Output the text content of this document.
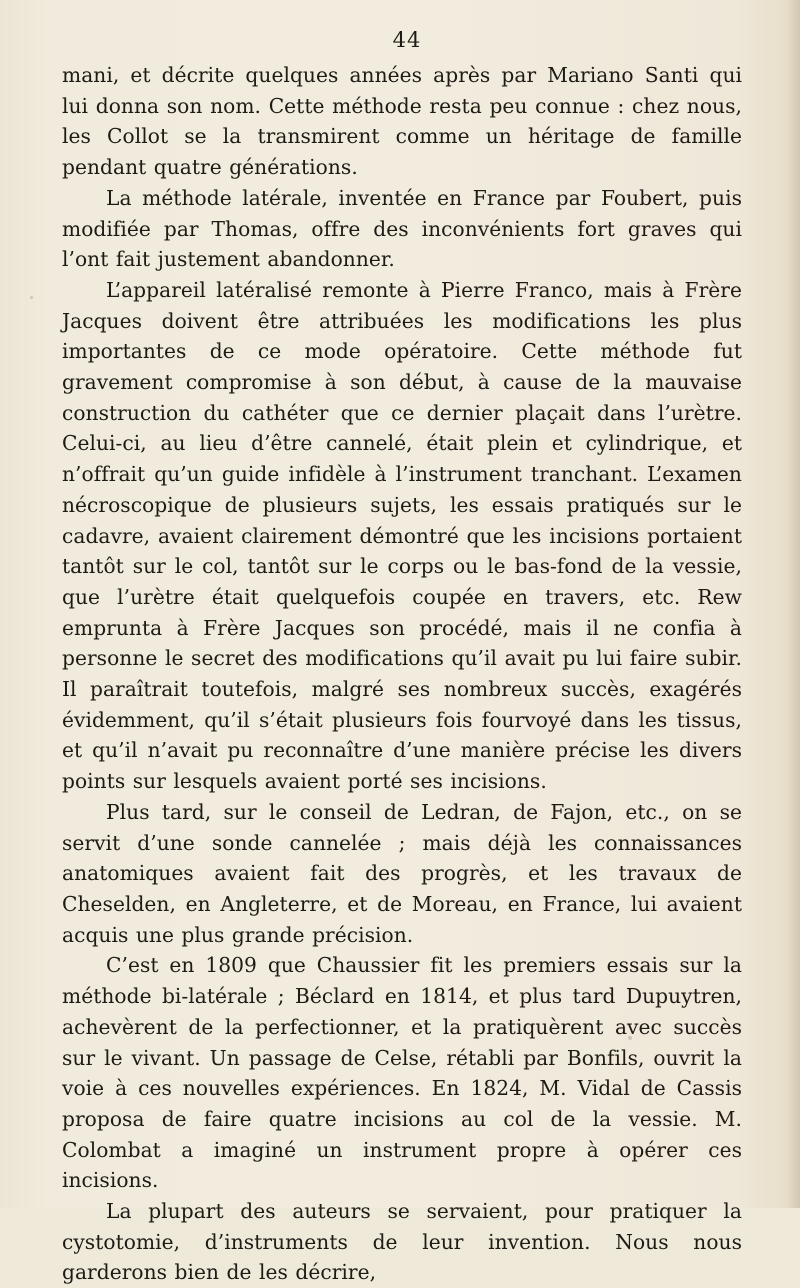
44

mani, et décrite quelques années après par Mariano Santi qui lui donna son nom. Cette méthode resta peu connue : chez nous, les Collot se la transmirent comme un héritage de famille pendant quatre générations.

La méthode latérale, inventée en France par Foubert, puis modifiée par Thomas, offre des inconvénients fort graves qui l’ont fait justement abandonner.

L’appareil latéralisé remonte à Pierre Franco, mais à Frère Jacques doivent être attribuées les modifications les plus importantes de ce mode opératoire. Cette méthode fut gravement compromise à son début, à cause de la mauvaise construction du cathéter que ce dernier plaçait dans l’urètre. Celui-ci, au lieu d’être cannelé, était plein et cylindrique, et n’offrait qu’un guide infidèle à l’instrument tranchant. L’examen nécroscopique de plusieurs sujets, les essais pratiqués sur le cadavre, avaient clairement démontré que les incisions portaient tantôt sur le col, tantôt sur le corps ou le bas-fond de la vessie, que l’urètre était quelquefois coupée en travers, etc. Rew emprunta à Frère Jacques son procédé, mais il ne confia à personne le secret des modifications qu’il avait pu lui faire subir. Il paraîtrait toutefois, malgré ses nombreux succès, exagérés évidemment, qu’il s’était plusieurs fois fourvoyé dans les tissus, et qu’il n’avait pu reconnaître d’une manière précise les divers points sur lesquels avaient porté ses incisions.

Plus tard, sur le conseil de Ledran, de Fajon, etc., on se servit d’une sonde cannelée ; mais déjà les connaissances anatomiques avaient fait des progrès, et les travaux de Cheselden, en Angleterre, et de Moreau, en France, lui avaient acquis une plus grande précision.

C’est en 1809 que Chaussier fit les premiers essais sur la méthode bi-latérale ; Béclard en 1814, et plus tard Dupuytren, achevèrent de la perfectionner, et la pratiquèrent avec succès sur le vivant. Un passage de Celse, rétabli par Bonfils, ouvrit la voie à ces nouvelles expériences. En 1824, M. Vidal de Cassis proposa de faire quatre incisions au col de la vessie. M. Colombat a imaginé un instrument propre à opérer ces incisions.

La plupart des auteurs se servaient, pour pratiquer la cystotomie, d’instruments de leur invention. Nous nous garderons bien de les décrire,
